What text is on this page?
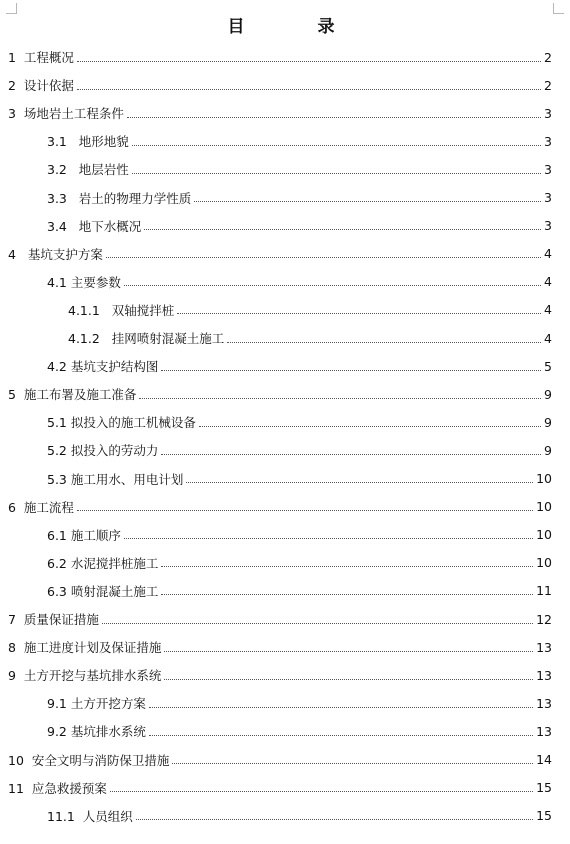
目　录
1  工程概况	2
2  设计依据	2
3  场地岩土工程条件	3
3.1   地形地貌	3
3.2   地层岩性	3
3.3   岩土的物理力学性质	3
3.4   地下水概况	3
4   基坑支护方案	4
4.1 主要参数	4
4.1.1   双轴搅拌桩	4
4.1.2   挂网喷射混凝土施工	4
4.2 基坑支护结构图	5
5  施工布署及施工准备	9
5.1 拟投入的施工机械设备	9
5.2 拟投入的劳动力	9
5.3 施工用水、用电计划	10
6  施工流程	10
6.1 施工顺序	10
6.2 水泥搅拌桩施工	10
6.3 喷射混凝土施工	11
7  质量保证措施	12
8  施工进度计划及保证措施	13
9  土方开挖与基坑排水系统	13
9.1 土方开挖方案	13
9.2 基坑排水系统	13
10  安全文明与消防保卫措施	14
11  应急救援预案	15
11.1  人员组织	15
